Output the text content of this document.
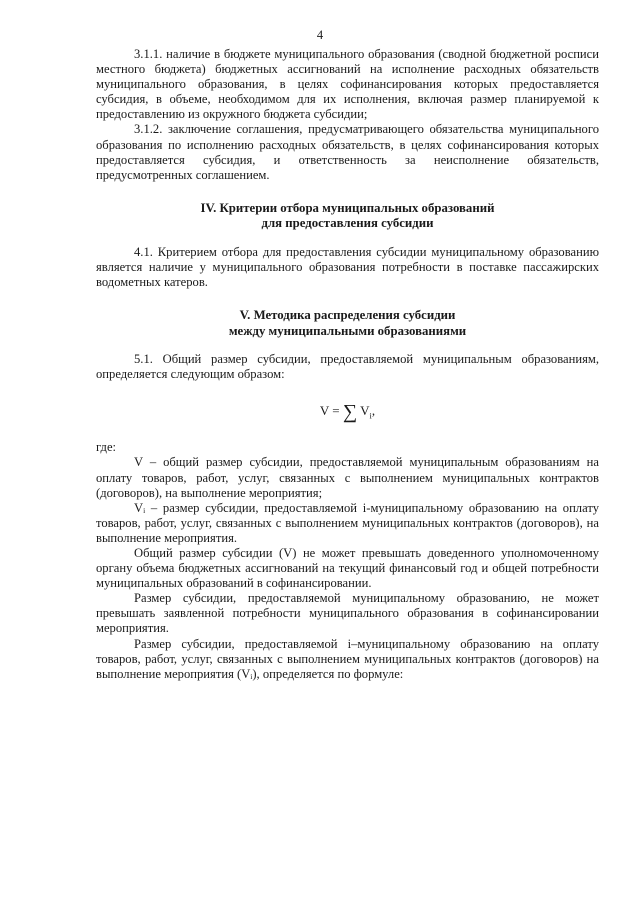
4

3.1.1. наличие в бюджете муниципального образования (сводной бюджетной росписи местного бюджета) бюджетных ассигнований на исполнение расходных обязательств муниципального образования, в целях софинансирования которых предоставляется субсидия, в объеме, необходимом для их исполнения, включая размер планируемой к предоставлению из окружного бюджета субсидии;

3.1.2. заключение соглашения, предусматривающего обязательства муниципального образования по исполнению расходных обязательств, в целях софинансирования которых предоставляется субсидия, и ответственность за неисполнение обязательств, предусмотренных соглашением.

IV. Критерии отбора муниципальных образований
для предоставления субсидии

4.1. Критерием отбора для предоставления субсидии муниципальному образованию является наличие у муниципального образования потребности в поставке пассажирских водометных катеров.

V. Методика распределения субсидии
между муниципальными образованиями

5.1. Общий размер субсидии, предоставляемой муниципальным образованиям, определяется следующим образом:

V = ∑ $V_i$,

где:

V – общий размер субсидии, предоставляемой муниципальным образованиям на оплату товаров, работ, услуг, связанных с выполнением муниципальных контрактов (договоров), на выполнение мероприятия;

Vᵢ – размер субсидии, предоставляемой i-муниципальному образованию на оплату товаров, работ, услуг, связанных с выполнением муниципальных контрактов (договоров), на выполнение мероприятия.

Общий размер субсидии (V) не может превышать доведенного уполномоченному органу объема бюджетных ассигнований на текущий финансовый год и общей потребности муниципальных образований в софинансировании.

Размер субсидии, предоставляемой муниципальному образованию, не может превышать заявленной потребности муниципального образования в софинансировании мероприятия.

Размер субсидии, предоставляемой i–муниципальному образованию на оплату товаров, работ, услуг, связанных с выполнением муниципальных контрактов (договоров) на выполнение мероприятия (Vᵢ), определяется по формуле:
